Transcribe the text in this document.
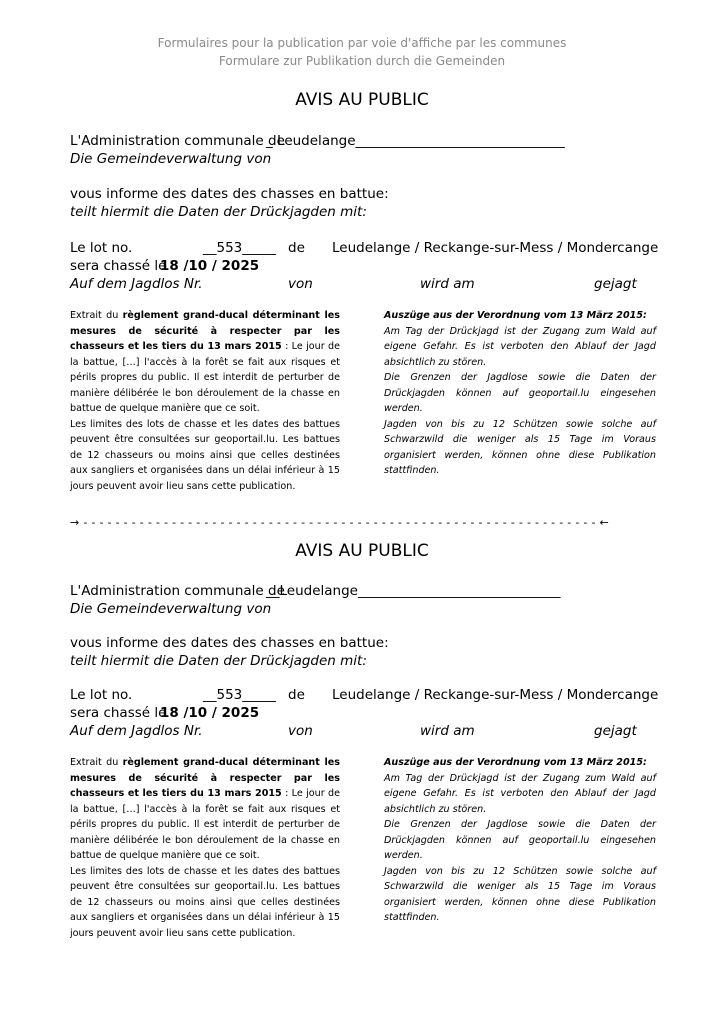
Formulaires pour la publication par voie d'affiche par les communes
Formulare zur Publikation durch die Gemeinden
AVIS AU PUBLIC
L'Administration communale de
_ Leudelange_______________________________
Die Gemeindeverwaltung von
vous informe des dates des chasses en battue:
teilt hiermit die Daten der Drückjagden mit:
Le lot no.	__553_____ de Leudelange / Reckange-sur-Mess / Mondercange
sera chassé le
18 /10 / 2025
Auf dem Jagdlos Nr.	von	wird am	gejagt

Extrait du règlement grand-ducal déterminant les mesures de sécurité à respecter par les chasseurs et les tiers du 13 mars 2015 : Le jour de la battue, […] l'accès à la forêt se fait aux risques et périls propres du public. Il est interdit de perturber de manière délibérée le bon déroulement de la chasse en battue de quelque manière que ce soit.

Les limites des lots de chasse et les dates des battues peuvent être consultées sur geoportail.lu. Les battues de 12 chasseurs ou moins ainsi que celles destinées aux sangliers et organisées dans un délai inférieur à 15 jours peuvent avoir lieu sans cette publication.

Auszüge aus der Verordnung vom 13 März 2015:

Am Tag der Drückjagd ist der Zugang zum Wald auf eigene Gefahr. Es ist verboten den Ablauf der Jagd absichtlich zu stören.

Die Grenzen der Jagdlose sowie die Daten der Drückjagden können auf geoportail.lu eingesehen werden.

Jagden von bis zu 12 Schützen sowie solche auf Schwarzwild die weniger als 15 Tage im Voraus organisiert werden, können ohne diese Publikation stattfinden.

→ - - - - - - - - - - - - - - - - - - - - - - - - - - - - - - - - - - - - - - - - - - - - - - - - - - - - - - - - - - - - - - - - ←
AVIS AU PUBLIC
L'Administration communale de
__Leudelange______________________________
Die Gemeindeverwaltung von
vous informe des dates des chasses en battue:
teilt hiermit die Daten der Drückjagden mit:
Le lot no.	__553_____ de Leudelange / Reckange-sur-Mess / Mondercange
sera chassé le
18 /10 / 2025
Auf dem Jagdlos Nr.	von	wird am	gejagt

Extrait du règlement grand-ducal déterminant les mesures de sécurité à respecter par les chasseurs et les tiers du 13 mars 2015 : Le jour de la battue, […] l'accès à la forêt se fait aux risques et périls propres du public. Il est interdit de perturber de manière délibérée le bon déroulement de la chasse en battue de quelque manière que ce soit.

Les limites des lots de chasse et les dates des battues peuvent être consultées sur geoportail.lu. Les battues de 12 chasseurs ou moins ainsi que celles destinées aux sangliers et organisées dans un délai inférieur à 15 jours peuvent avoir lieu sans cette publication.

Auszüge aus der Verordnung vom 13 März 2015:

Am Tag der Drückjagd ist der Zugang zum Wald auf eigene Gefahr. Es ist verboten den Ablauf der Jagd absichtlich zu stören.

Die Grenzen der Jagdlose sowie die Daten der Drückjagden können auf geoportail.lu eingesehen werden.

Jagden von bis zu 12 Schützen sowie solche auf Schwarzwild die weniger als 15 Tage im Voraus organisiert werden, können ohne diese Publikation stattfinden.
